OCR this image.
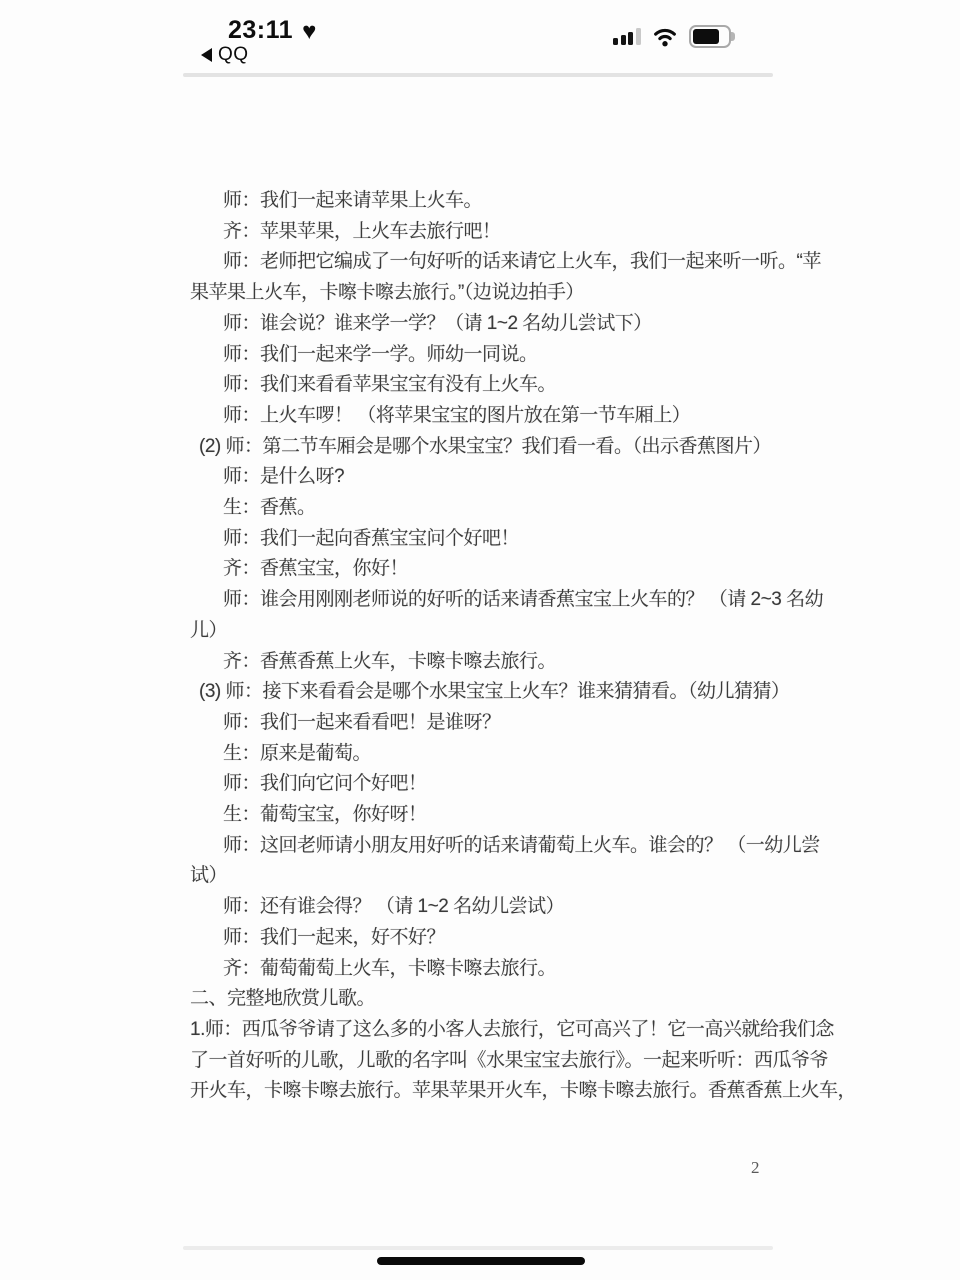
23:11 ♥
QQ
师：我们一起来请苹果上火车。
齐：苹果苹果，上火车去旅行吧！
师：老师把它编成了一句好听的话来请它上火车，我们一起来听一听。“苹
果苹果上火车，卡嚓卡嚓去旅行。”（边说边拍手）
师：谁会说？谁来学一学？（请 1~2 名幼儿尝试下）
师：我们一起来学一学。师幼一同说。
师：我们来看看苹果宝宝有没有上火车。
师：上火车啰！ （将苹果宝宝的图片放在第一节车厢上）
(2) 师：第二节车厢会是哪个水果宝宝？我们看一看。（出示香蕉图片）
师：是什么呀?
生：香蕉。
师：我们一起向香蕉宝宝问个好吧！
齐：香蕉宝宝，你好！
师：谁会用刚刚老师说的好听的话来请香蕉宝宝上火车的？ （请 2~3 名幼
儿）
齐：香蕉香蕉上火车，卡嚓卡嚓去旅行。
(3) 师：接下来看看会是哪个水果宝宝上火车？谁来猜猜看。（幼儿猜猜）
师：我们一起来看看吧！是谁呀？
生：原来是葡萄。
师：我们向它问个好吧！
生：葡萄宝宝，你好呀！
师：这回老师请小朋友用好听的话来请葡萄上火车。谁会的？ （一幼儿尝
试）
师：还有谁会得？ （请 1~2 名幼儿尝试）
师：我们一起来，好不好？
齐：葡萄葡萄上火车，卡嚓卡嚓去旅行。
二、完整地欣赏儿歌。
1.师：西瓜爷爷请了这么多的小客人去旅行，它可高兴了！它一高兴就给我们念
了一首好听的儿歌，儿歌的名字叫《水果宝宝去旅行》。一起来听听：西瓜爷爷
开火车，卡嚓卡嚓去旅行。苹果苹果开火车，卡嚓卡嚓去旅行。香蕉香蕉上火车，
2
